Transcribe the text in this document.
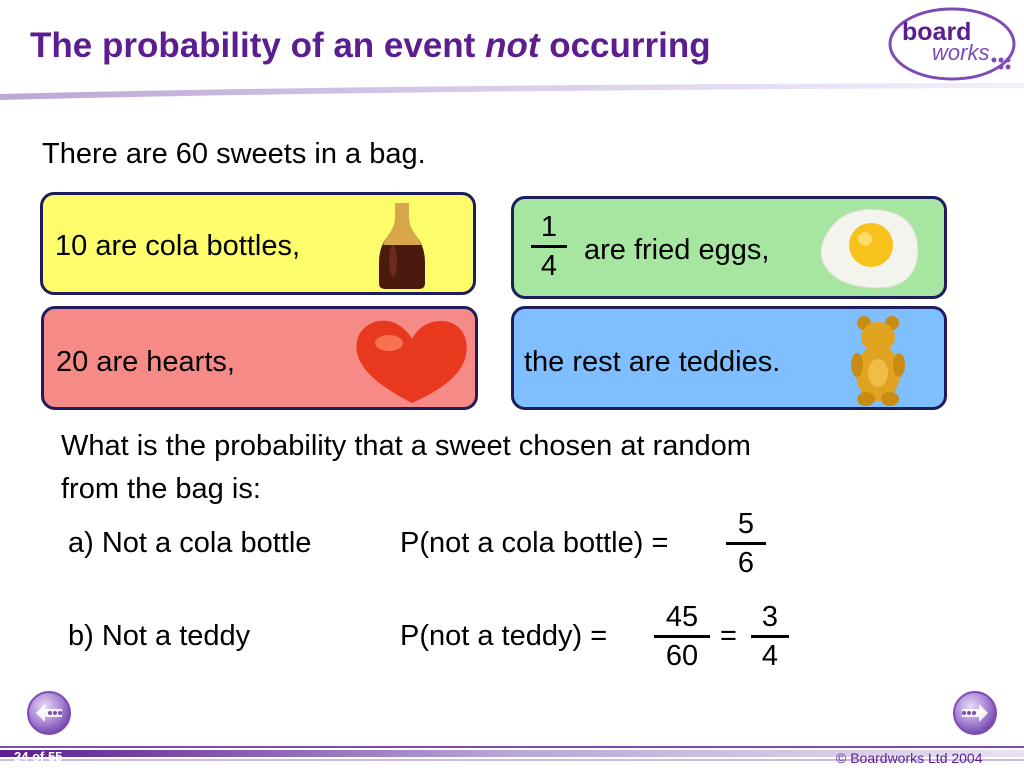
The probability of an event not occurring	board
works
There are 60 sweets in a bag.
10 are cola bottles,
1
4 are fried eggs,
20 are hearts,	the rest are teddies.
What is the probability that a sweet chosen at random
from the bag is:
a) Not a cola bottle	P(not a cola bottle) =
5
6
b) Not a teddy	P(not a teddy) =
45
60
=
3
4
24 of 55	© Boardworks Ltd 2004
